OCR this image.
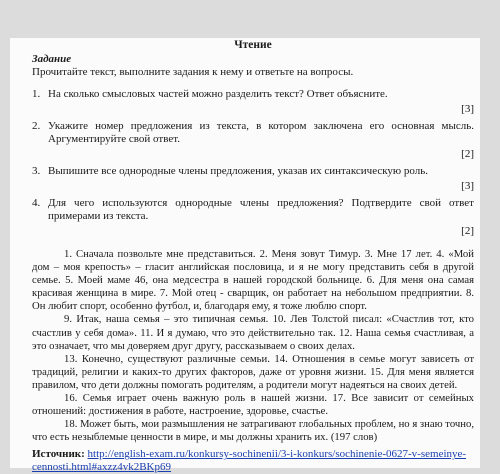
Чтение
Задание
Прочитайте текст, выполните задания к нему и ответьте на вопросы.
1. На сколько смысловых частей можно разделить текст? Ответ объясните.
[3]
2. Укажите номер предложения из текста, в котором заключена его основная мысль. Аргументируйте свой ответ.
[2]
3. Выпишите все однородные члены предложения, указав их синтаксическую роль.
[3]
4. Для чего используются однородные члены предложения? Подтвердите свой ответ примерами из текста.
[2]

1. Сначала позвольте мне представиться. 2. Меня зовут Тимур. 3. Мне 17 лет. 4. «Мой дом – моя крепость» – гласит английская пословица, и я не могу представить себя в другой семье. 5. Моей маме 46, она медсестра в нашей городской больнице. 6. Для меня она самая красивая женщина в мире. 7. Мой отец - сварщик, он работает на небольшом предприятии. 8. Он любит спорт, особенно футбол, и, благодаря ему, я тоже люблю спорт.

9. Итак, наша семья – это типичная семья. 10. Лев Толстой писал: «Счастлив тот, кто счастлив у себя дома». 11. И я думаю, что это действительно так. 12. Наша семья счастливая, а это означает, что мы доверяем друг другу, рассказываем о своих делах.

13. Конечно, существуют различные семьи. 14. Отношения в семье могут зависеть от традиций, религии и каких-то других факторов, даже от уровня жизни. 15. Для меня является правилом, что дети должны помогать родителям, а родители могут надеяться на своих детей.

16. Семья играет очень важную роль в нашей жизни. 17. Все зависит от семейных отношений: достижения в работе, настроение, здоровье, счастье.

18. Может быть, мои размышления не затрагивают глобальных проблем, но я знаю точно, что есть незыблемые ценности в мире, и мы должны хранить их. (197 слов)

Источник: http://english-exam.ru/konkursy-sochinenii/3-i-konkurs/sochinenie-0627-v-semeinye-cennosti.html#axzz4vk2BKp69
